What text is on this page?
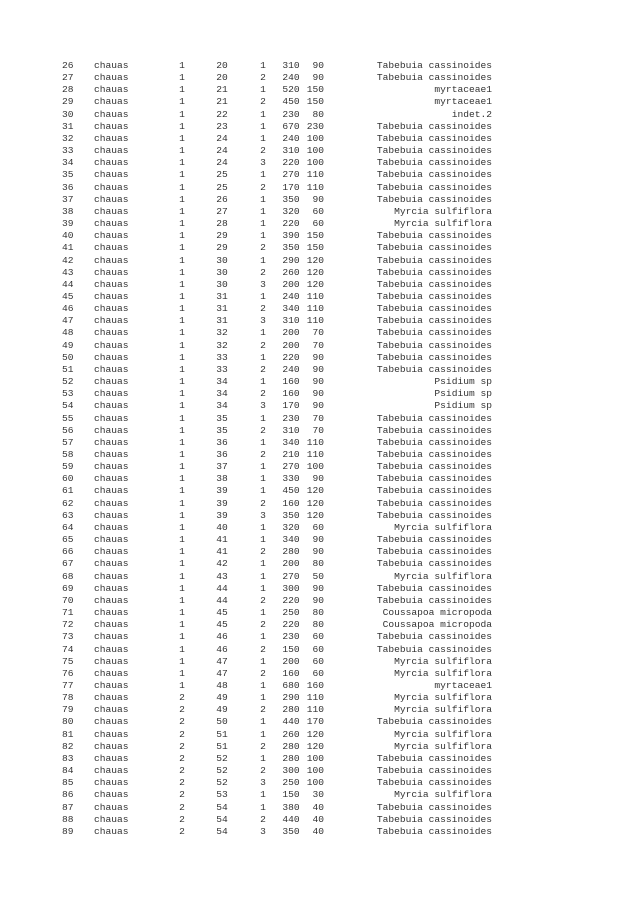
26 chauas	1	20	1 310	90	Tabebuia cassinoides
27 chauas	1	20	2 240	90	Tabebuia cassinoides
28 chauas	1	21	1 520 150	myrtaceae1
29 chauas	1	21	2 450 150	myrtaceae1
30 chauas	1	22	1 230	80	indet.2
31 chauas	1	23	1 670 230	Tabebuia cassinoides
32 chauas	1	24	1 240 100	Tabebuia cassinoides
33 chauas	1	24	2 310 100	Tabebuia cassinoides
34 chauas	1	24	3 220 100	Tabebuia cassinoides
35 chauas	1	25	1 270 110	Tabebuia cassinoides
36 chauas	1	25	2 170 110	Tabebuia cassinoides
37 chauas	1	26	1 350	90	Tabebuia cassinoides
38 chauas	1	27	1 320	60	Myrcia sulfiflora
39 chauas	1	28	1 220	60	Myrcia sulfiflora
40 chauas	1	29	1 390 150	Tabebuia cassinoides
41 chauas	1	29	2 350 150	Tabebuia cassinoides
42 chauas	1	30	1 290 120	Tabebuia cassinoides
43 chauas	1	30	2 260 120	Tabebuia cassinoides
44 chauas	1	30	3 200 120	Tabebuia cassinoides
45 chauas	1	31	1 240 110	Tabebuia cassinoides
46 chauas	1	31	2 340 110	Tabebuia cassinoides
47 chauas	1	31	3 310 110	Tabebuia cassinoides
48 chauas	1	32	1 200	70	Tabebuia cassinoides
49 chauas	1	32	2 200	70	Tabebuia cassinoides
50 chauas	1	33	1 220	90	Tabebuia cassinoides
51 chauas	1	33	2 240	90	Tabebuia cassinoides
52 chauas	1	34	1 160	90	Psidium sp
53 chauas	1	34	2 160	90	Psidium sp
54 chauas	1	34	3 170	90	Psidium sp
55 chauas	1	35	1 230	70	Tabebuia cassinoides
56 chauas	1	35	2 310	70	Tabebuia cassinoides
57 chauas	1	36	1 340 110	Tabebuia cassinoides
58 chauas	1	36	2 210 110	Tabebuia cassinoides
59 chauas	1	37	1 270 100	Tabebuia cassinoides
60 chauas	1	38	1 330	90	Tabebuia cassinoides
61 chauas	1	39	1 450 120	Tabebuia cassinoides
62 chauas	1	39	2 160 120	Tabebuia cassinoides
63 chauas	1	39	3 350 120	Tabebuia cassinoides
64 chauas	1	40	1 320	60	Myrcia sulfiflora
65 chauas	1	41	1 340	90	Tabebuia cassinoides
66 chauas	1	41	2 280	90	Tabebuia cassinoides
67 chauas	1	42	1 200	80	Tabebuia cassinoides
68 chauas	1	43	1 270	50	Myrcia sulfiflora
69 chauas	1	44	1 300	90	Tabebuia cassinoides
70 chauas	1	44	2 220	90	Tabebuia cassinoides
71 chauas	1	45	1 250	80	Coussapoa micropoda
72 chauas	1	45	2 220	80	Coussapoa micropoda
73 chauas	1	46	1 230	60	Tabebuia cassinoides
74 chauas	1	46	2 150	60	Tabebuia cassinoides
75 chauas	1	47	1 200	60	Myrcia sulfiflora
76 chauas	1	47	2 160	60	Myrcia sulfiflora
77 chauas	1	48	1 680 160	myrtaceae1
78 chauas	2	49	1 290 110	Myrcia sulfiflora
79 chauas	2	49	2 280 110	Myrcia sulfiflora
80 chauas	2	50	1 440 170	Tabebuia cassinoides
81 chauas	2	51	1 260 120	Myrcia sulfiflora
82 chauas	2	51	2 280 120	Myrcia sulfiflora
83 chauas	2	52	1 280 100	Tabebuia cassinoides
84 chauas	2	52	2 300 100	Tabebuia cassinoides
85 chauas	2	52	3 250 100	Tabebuia cassinoides
86 chauas	2	53	1 150	30	Myrcia sulfiflora
87 chauas	2	54	1 380	40	Tabebuia cassinoides
88 chauas	2	54	2 440	40	Tabebuia cassinoides
89 chauas	2	54	3 350	40	Tabebuia cassinoides
